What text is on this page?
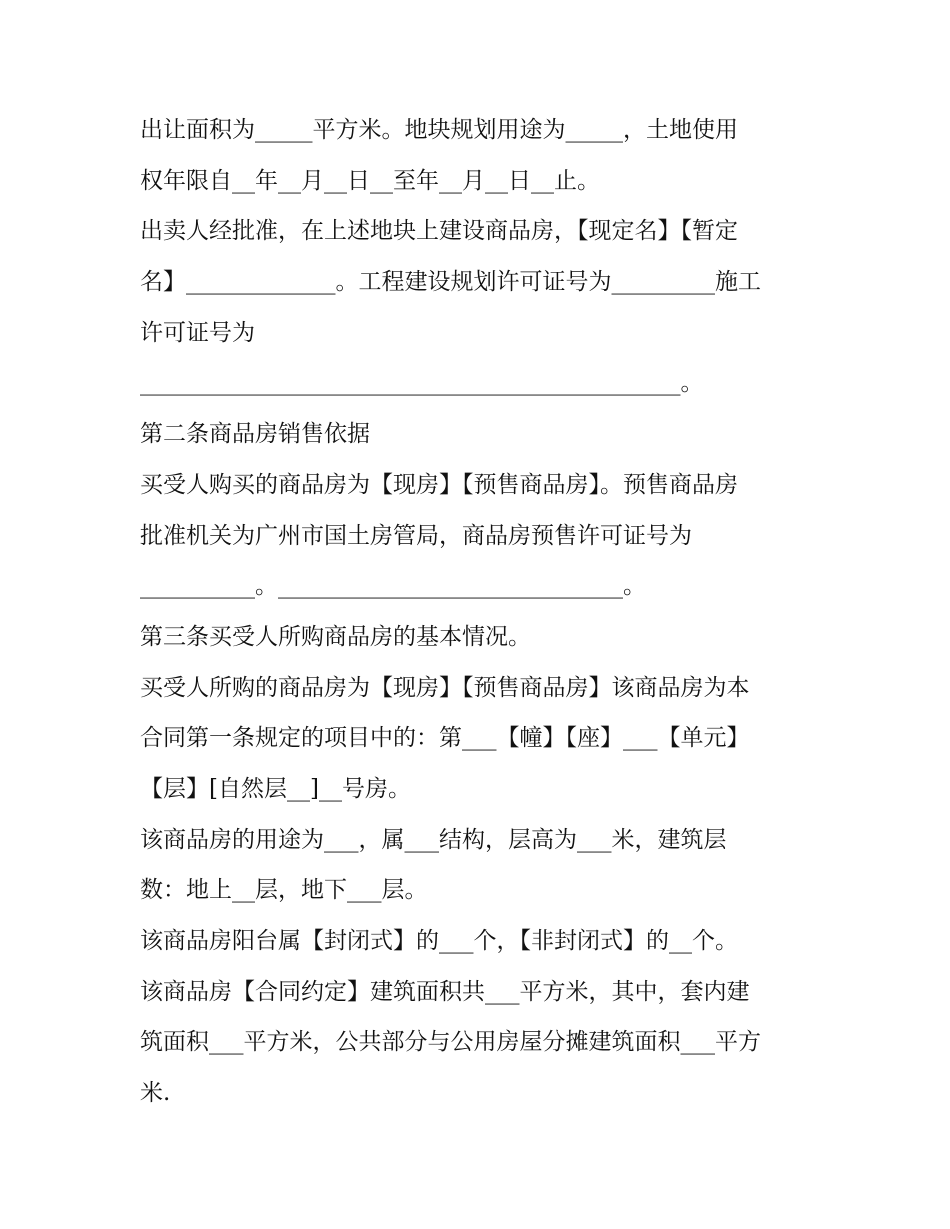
出让面积为_____平方米。地块规划用途为_____，土地使用
权年限自__年__月__日__至年__月__日__止。
出卖人经批准，在上述地块上建设商品房，【现定名】【暂定
名】_____________。工程建设规划许可证号为_________施工
许可证号为
_______________________________________________。
第二条商品房销售依据
买受人购买的商品房为【现房】【预售商品房】。预售商品房
批准机关为广州市国土房管局，商品房预售许可证号为
__________。______________________________。
第三条买受人所购商品房的基本情况。
买受人所购的商品房为【现房】【预售商品房】该商品房为本
合同第一条规定的项目中的：第___【幢】【座】___【单元】
【层】[自然层__]__号房。
该商品房的用途为___，属___结构，层高为___米，建筑层
数：地上__层，地下___层。
该商品房阳台属【封闭式】的___个，【非封闭式】的__个。
该商品房【合同约定】建筑面积共___平方米，其中，套内建
筑面积___平方米，公共部分与公用房屋分摊建筑面积___平方
米.
